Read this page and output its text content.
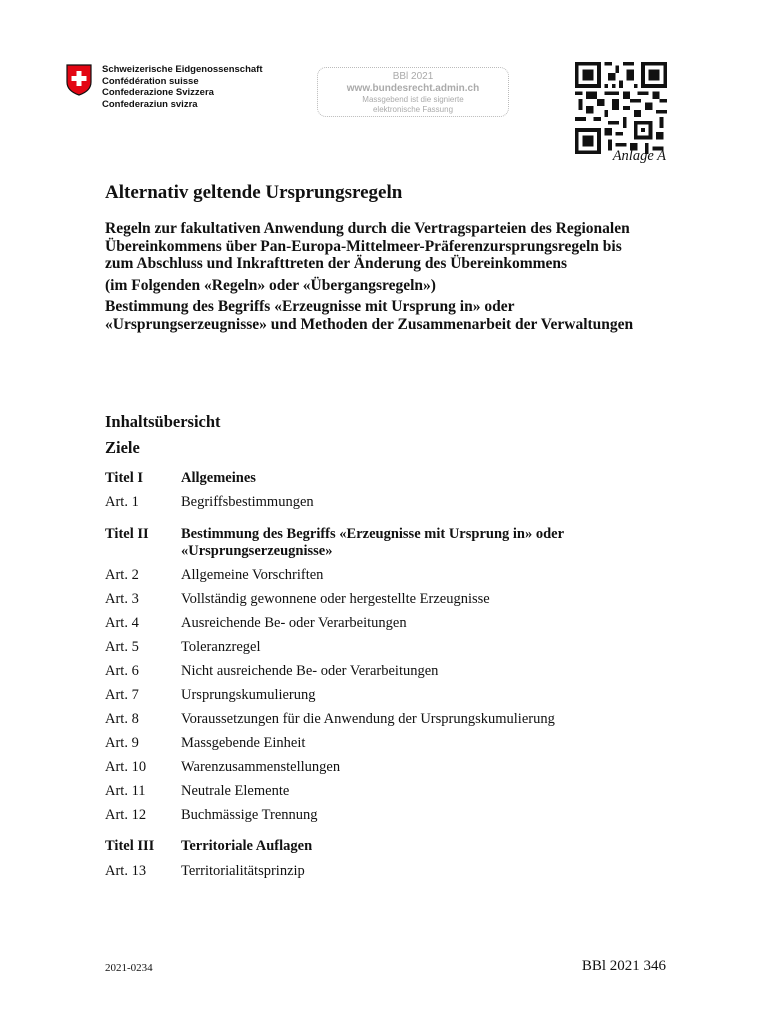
Schweizerische Eidgenossenschaft
Confédération suisse
Confederazione Svizzera
Confederaziun svizra
BBl 2021
www.bundesrecht.admin.ch
Massgebend ist die signierte
elektronische Fassung
Anlage A
Alternativ geltende Ursprungsregeln

Regeln zur fakultativen Anwendung durch die Vertragsparteien des Regionalen Übereinkommens über Pan-Europa-Mittelmeer-Präferenzursprungsregeln bis zum Abschluss und Inkrafttreten der Änderung des Übereinkommens

(im Folgenden «Regeln» oder «Übergangsregeln»)

Bestimmung des Begriffs «Erzeugnisse mit Ursprung in» oder «Ursprungserzeugnisse» und Methoden der Zusammenarbeit der Verwaltungen

Inhaltsübersicht
Ziele
Titel I	Allgemeines
Art. 1	Begriffsbestimmungen
Titel II	Bestimmung des Begriffs «Erzeugnisse mit Ursprung in» oder «Ursprungserzeugnisse»
Art. 2	Allgemeine Vorschriften
Art. 3	Vollständig gewonnene oder hergestellte Erzeugnisse
Art. 4	Ausreichende Be- oder Verarbeitungen
Art. 5	Toleranzregel
Art. 6	Nicht ausreichende Be- oder Verarbeitungen
Art. 7	Ursprungskumulierung
Art. 8	Voraussetzungen für die Anwendung der Ursprungskumulierung
Art. 9	Massgebende Einheit
Art. 10	Warenzusammenstellungen
Art. 11	Neutrale Elemente
Art. 12	Buchmässige Trennung
Titel III	Territoriale Auflagen
Art. 13	Territorialitätsprinzip
2021-0234	BBl 2021 346
